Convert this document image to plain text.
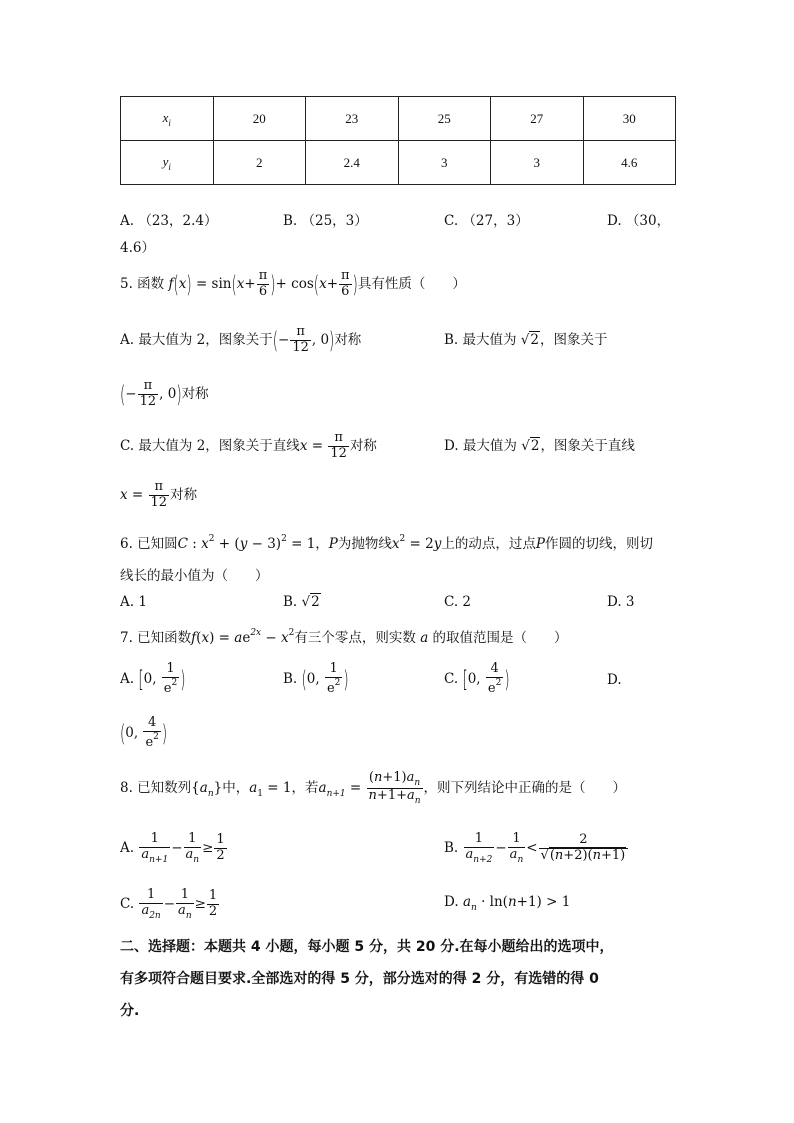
$x_i$	20	23	25	27	30
$y_i$	2	2.4	3	3	4.6
A. （23，2.4）	B. （25，3）	C. （27，3）	D. （30，
4.6）
5. 函数 $f(x) = \sin(x+ \frac{\pi}{6}$ )+ $\cos(x+ \frac{\pi}{6}$ )具有性质（　　）
A. 最大值为 2，图象关于(− $\frac{\pi}{12}$ , 0)对称	B. 最大值为 √2，图象关于
(− $\frac{\pi}{12}$ , 0)对称
C. 最大值为 2，图象关于直线$x = \frac{\pi}{12}$ 对称	D. 最大值为 √2，图象关于直线
$x = \frac{\pi}{12}$ 对称
6. 已知圆C : $x^2 + (y - 3)^2 = 1$，P为抛物线$x^2 = 2y$上的动点，过点P作圆的切线，则切
线长的最小值为（　　）
A. 1	B. √2	C. 2	D. 3
7. 已知函数$f(x) = ae^{2x} - x^2$有三个零点，则实数 a 的取值范围是（　　）
A. [0, $\frac{1}{e^2}$ )	B. (0, $\frac{1}{e^2}$ )	C. [0, $\frac{4}{e^2}$ )	D.
(0, $\frac{4}{e^2}$ )
8. 已知数列$\{a_n\}$中，$a_1 = 1$，若$a_{n+1} = \frac{(n+1)a_n}{n+1+a_n}$ ，则下列结论中正确的是（　　）
A. $\frac{1}{a_{n+1}} - \frac{1}{a_n} \ge \frac{1}{2}$	B. $\frac{1}{a_{n+2}} - \frac{1}{a_n} < \frac{2}{√(n+2)(n+1)}$
C. $\frac{1}{a_{2n}} - \frac{1}{a_n} \ge \frac{1}{2}$	D. $a_n \cdot \ln(n+1) > 1$
二、选择题：本题共 4 小题，每小题 5 分，共 20 分.在每小题给出的选项中，
有多项符合题目要求.全部选对的得 5 分，部分选对的得 2 分，有选错的得 0
分.
